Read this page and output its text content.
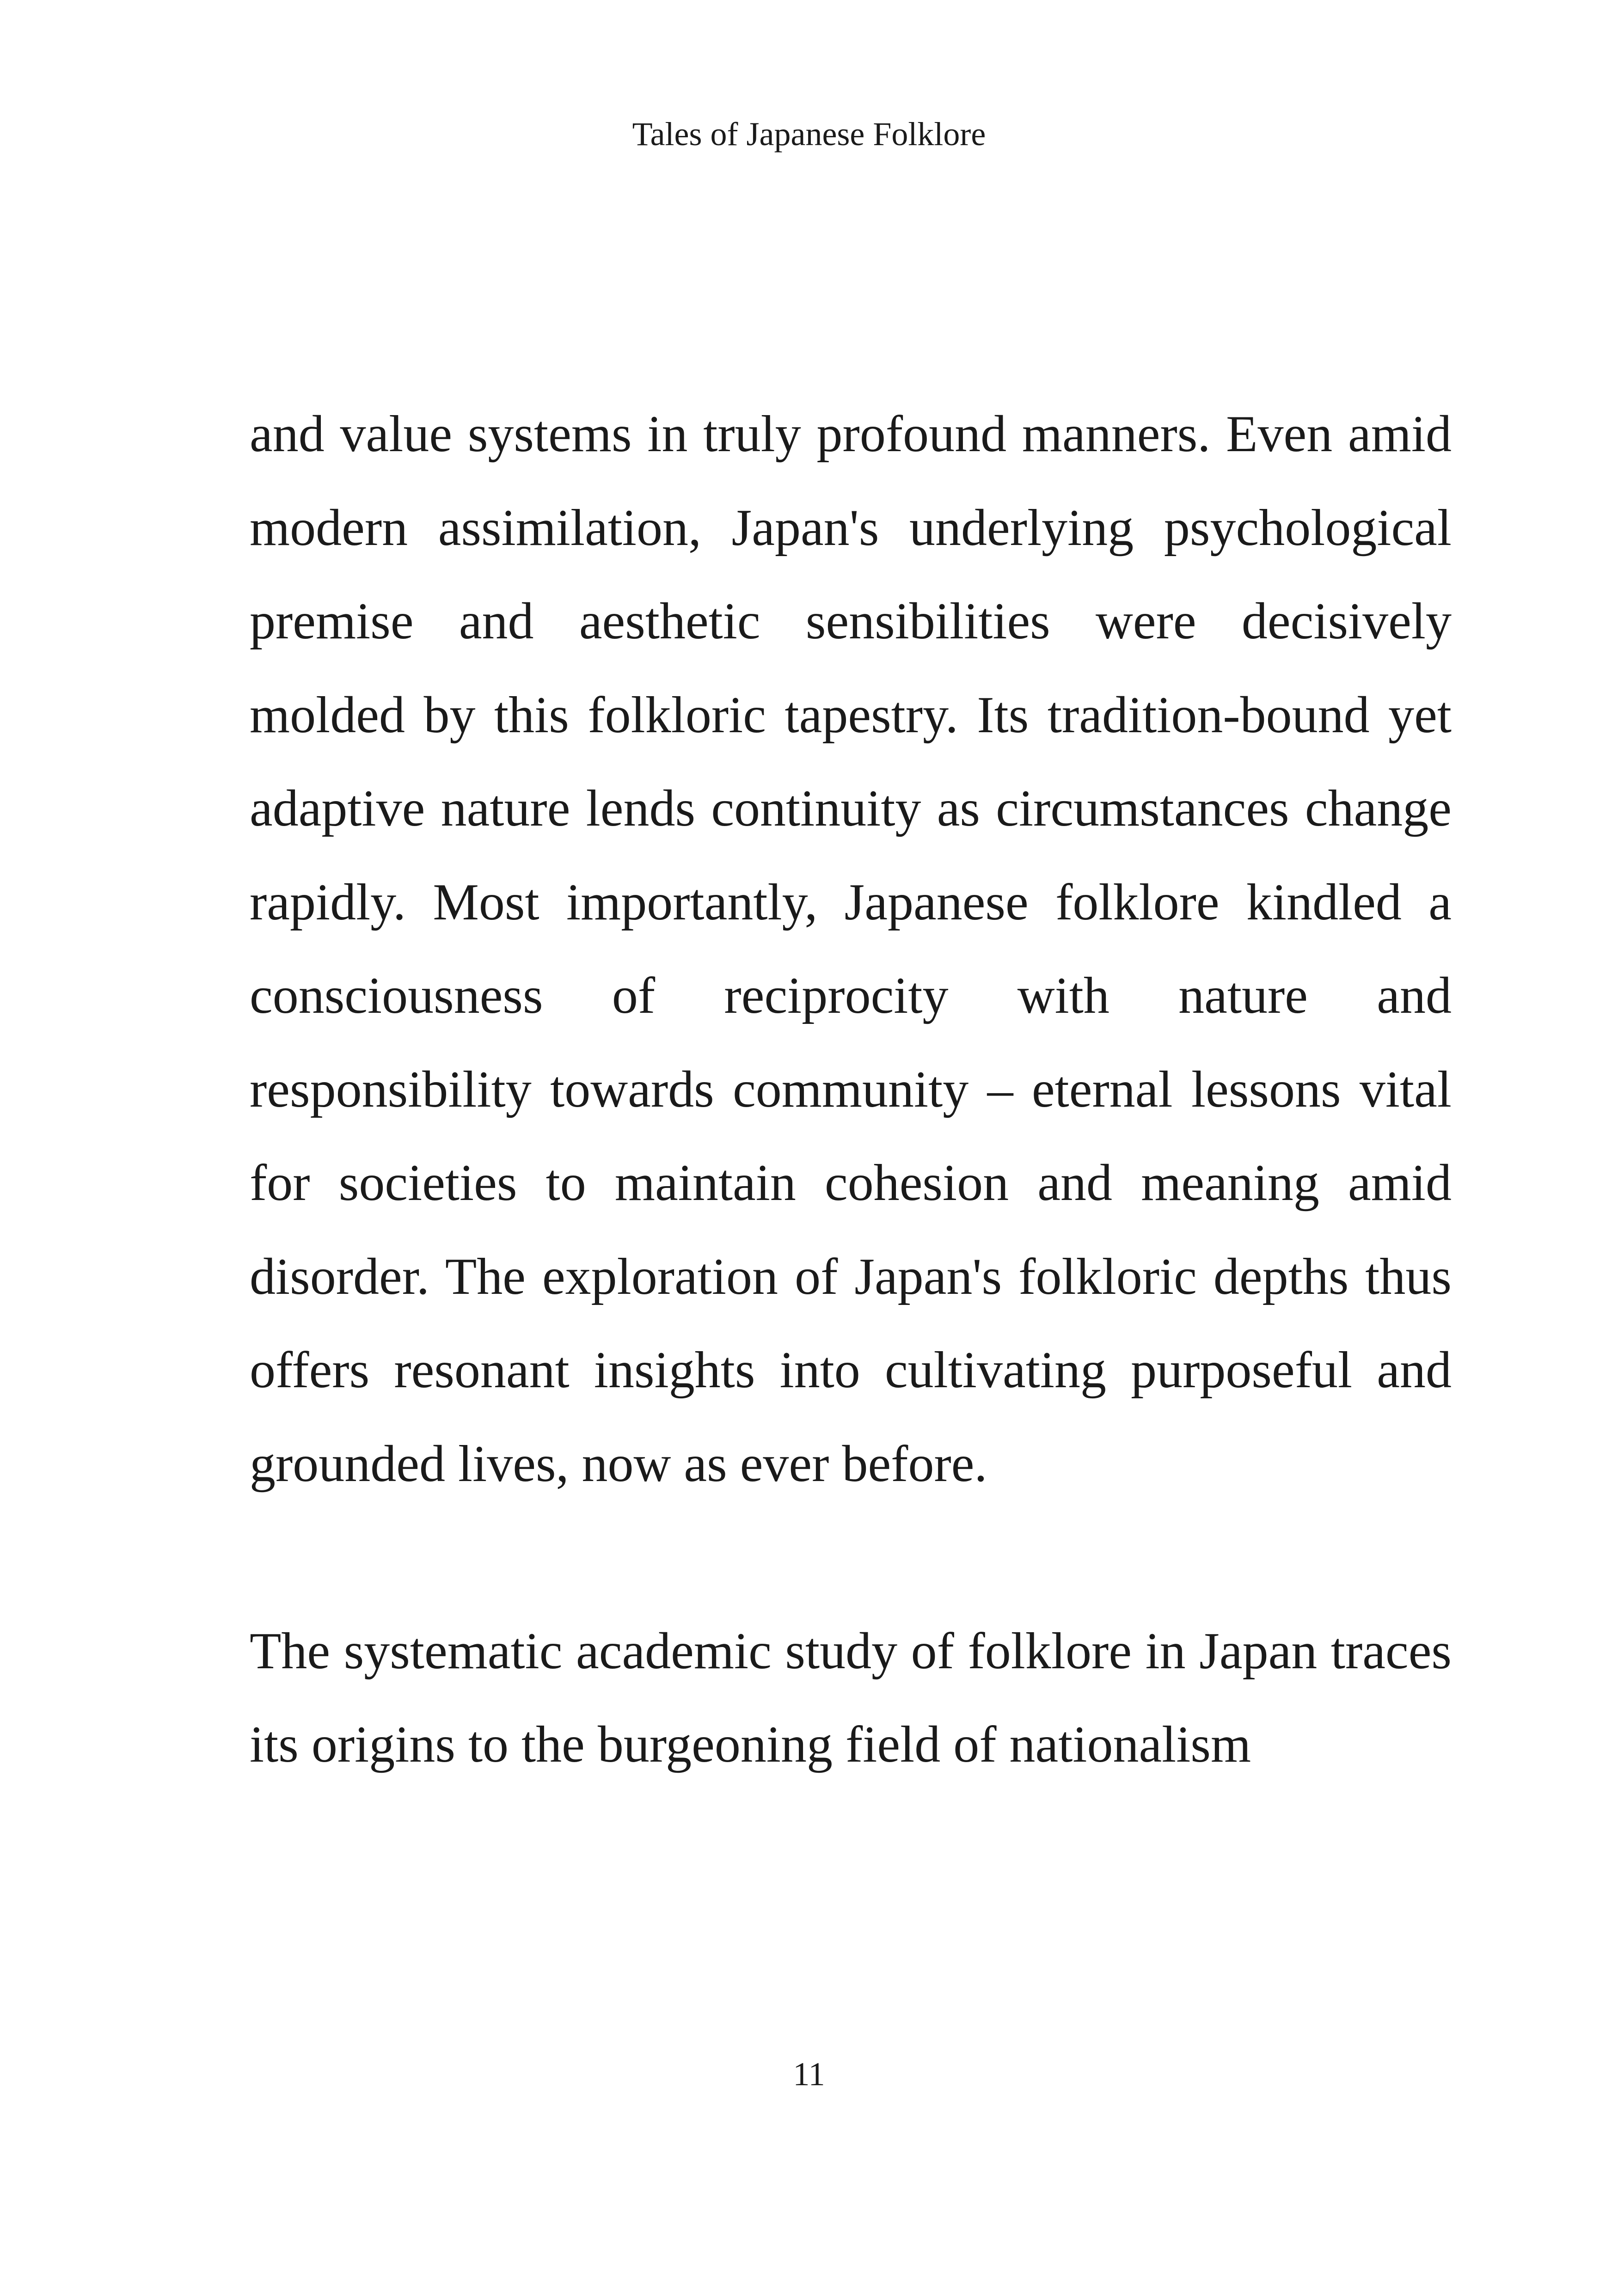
Tales of Japanese Folklore

and value systems in truly profound manners. Even amid modern assimilation, Japan's underlying psychological premise and aesthetic sensibilities were decisively molded by this folkloric tapestry. Its tradition-bound yet adaptive nature lends continuity as circumstances change rapidly. Most importantly, Japanese folklore kindled a consciousness of reciprocity with nature and responsibility towards community – eternal lessons vital for societies to maintain cohesion and meaning amid disorder. The exploration of Japan's folkloric depths thus offers resonant insights into cultivating purposeful and grounded lives, now as ever before.

The systematic academic study of folklore in Japan traces its origins to the burgeoning field of nationalism

11
